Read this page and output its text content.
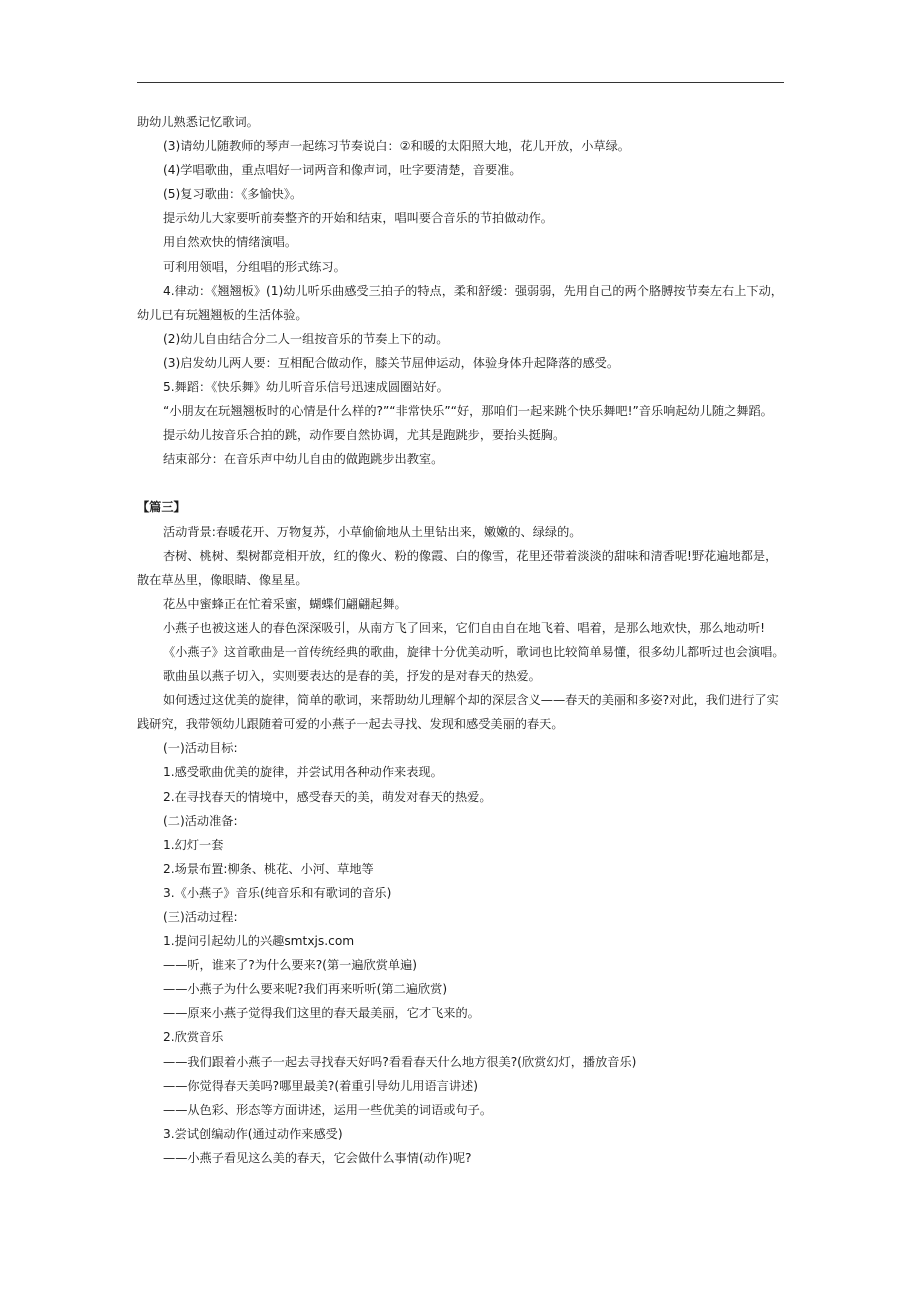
助幼儿熟悉记忆歌词。
(3)请幼儿随教师的琴声一起练习节奏说白：②和暖的太阳照大地，花儿开放，小草绿。
(4)学唱歌曲，重点唱好一词两音和像声词，吐字要清楚，音要准。
(5)复习歌曲：《多愉快》。
提示幼儿大家要听前奏整齐的开始和结束，唱叫要合音乐的节拍做动作。
用自然欢快的情绪演唱。
可利用领唱，分组唱的形式练习。
4.律动：《翘翘板》(1)幼儿听乐曲感受三拍子的特点，柔和舒缓：强弱弱，先用自己的两个胳膊按节奏左右上下动，幼儿已有玩翘翘板的生活体验。
(2)幼儿自由结合分二人一组按音乐的节奏上下的动。
(3)启发幼儿两人要：互相配合做动作，膝关节屈伸运动，体验身体升起降落的感受。
5.舞蹈：《快乐舞》幼儿听音乐信号迅速成圆圈站好。
“小朋友在玩翘翘板时的心情是什么样的?”“非常快乐”“好，那咱们一起来跳个快乐舞吧!”音乐响起幼儿随之舞蹈。
提示幼儿按音乐合拍的跳，动作要自然协调，尤其是跑跳步，要抬头挺胸。
结束部分：在音乐声中幼儿自由的做跑跳步出教室。
【篇三】
活动背景:春暖花开、万物复苏，小草偷偷地从土里钻出来，嫩嫩的、绿绿的。
杏树、桃树、梨树都竞相开放，红的像火、粉的像霞、白的像雪，花里还带着淡淡的甜味和清香呢!野花遍地都是，散在草丛里，像眼睛、像星星。
花丛中蜜蜂正在忙着采蜜，蝴蝶们翩翩起舞。
小燕子也被这迷人的春色深深吸引，从南方飞了回来，它们自由自在地飞着、唱着，是那么地欢快，那么地动听!
《小燕子》这首歌曲是一首传统经典的歌曲，旋律十分优美动听，歌词也比较简单易懂，很多幼儿都听过也会演唱。
歌曲虽以燕子切入，实则要表达的是春的美，抒发的是对春天的热爱。
如何透过这优美的旋律，简单的歌词，来帮助幼儿理解个却的深层含义——春天的美丽和多姿?对此，我们进行了实践研究，我带领幼儿跟随着可爱的小燕子一起去寻找、发现和感受美丽的春天。
(一)活动目标:
1.感受歌曲优美的旋律，并尝试用各种动作来表现。
2.在寻找春天的情境中，感受春天的美，萌发对春天的热爱。
(二)活动准备:
1.幻灯一套
2.场景布置:柳条、桃花、小河、草地等
3.《小燕子》音乐(纯音乐和有歌词的音乐)
(三)活动过程:
1.提问引起幼儿的兴趣smtxjs.com
——听，谁来了?为什么要来?(第一遍欣赏单遍)
——小燕子为什么要来呢?我们再来听听(第二遍欣赏)
——原来小燕子觉得我们这里的春天最美丽，它才飞来的。
2.欣赏音乐
——我们跟着小燕子一起去寻找春天好吗?看看春天什么地方很美?(欣赏幻灯，播放音乐)
——你觉得春天美吗?哪里最美?(着重引导幼儿用语言讲述)
——从色彩、形态等方面讲述，运用一些优美的词语或句子。
3.尝试创编动作(通过动作来感受)
——小燕子看见这么美的春天，它会做什么事情(动作)呢?
